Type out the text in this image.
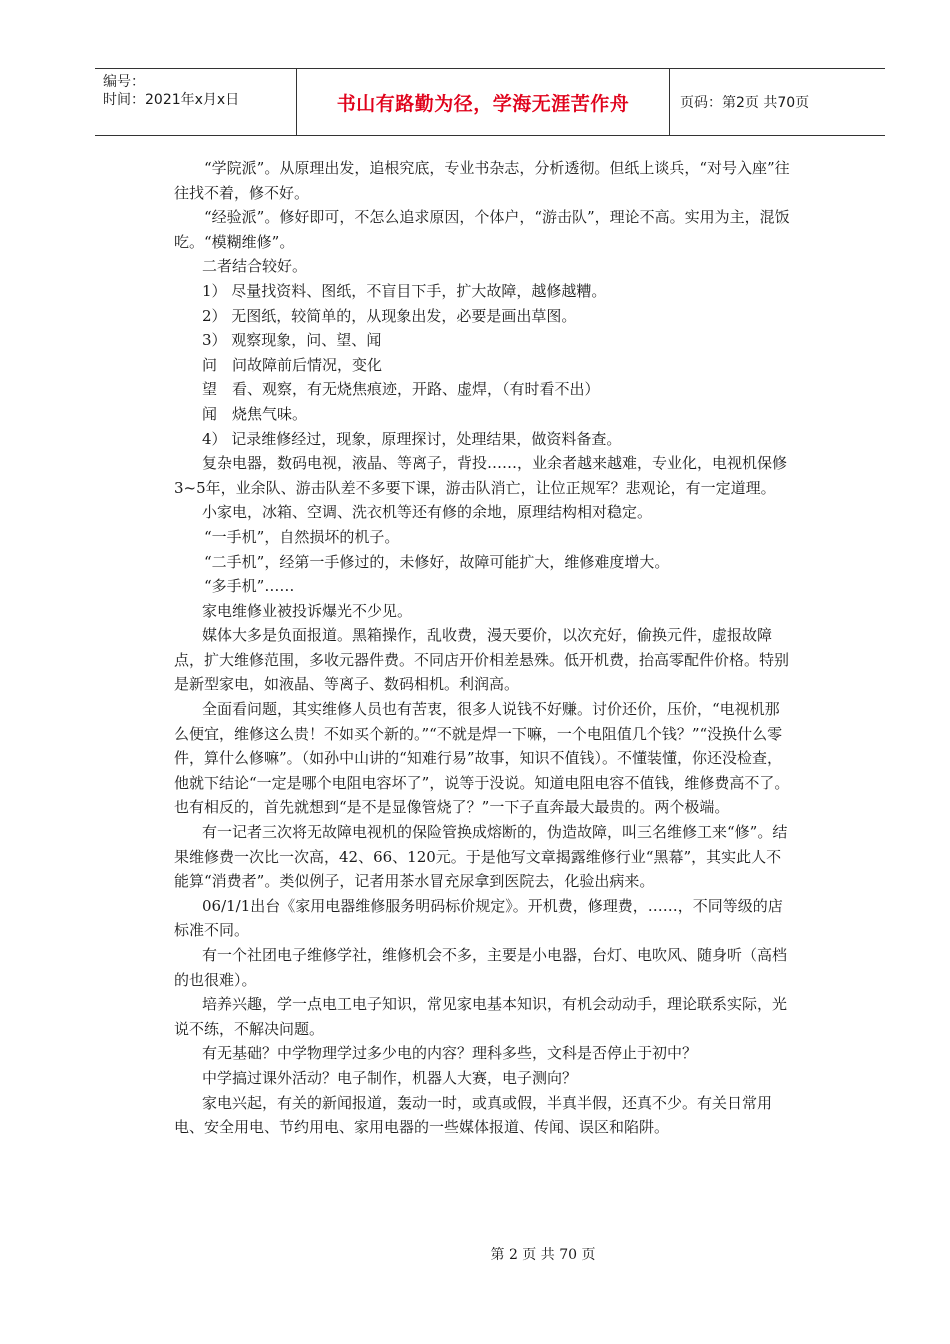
编号：
时间：2021年x月x日	书山有路勤为径，学海无涯苦作舟	页码：第2页 共70页

“学院派”。从原理出发，追根究底，专业书杂志，分析透彻。但纸上谈兵，“对号入座”往往找不着，修不好。

“经验派”。修好即可，不怎么追求原因，个体户，“游击队”，理论不高。实用为主，混饭吃。“模糊维修”。

二者结合较好。

1） 尽量找资料、图纸，不盲目下手，扩大故障，越修越糟。

2） 无图纸，较简单的，从现象出发，必要是画出草图。

3） 观察现象，问、望、闻

问　问故障前后情况，变化

望　看、观察，有无烧焦痕迹，开路、虚焊，（有时看不出）

闻　烧焦气味。

4） 记录维修经过，现象，原理探讨，处理结果，做资料备查。

复杂电器，数码电视，液晶、等离子，背投……，业余者越来越难，专业化，电视机保修3~5年，业余队、游击队差不多要下课，游击队消亡，让位正规军？悲观论，有一定道理。

小家电，冰箱、空调、洗衣机等还有修的余地，原理结构相对稳定。

“一手机”，自然损坏的机子。

“二手机”，经第一手修过的，未修好，故障可能扩大，维修难度增大。

“多手机”……

家电维修业被投诉爆光不少见。

媒体大多是负面报道。黑箱操作，乱收费，漫天要价，以次充好，偷换元件，虚报故障点，扩大维修范围，多收元器件费。不同店开价相差悬殊。低开机费，抬高零配件价格。特别是新型家电，如液晶、等离子、数码相机。利润高。

全面看问题，其实维修人员也有苦衷，很多人说钱不好赚。讨价还价，压价，“电视机那么便宜，维修这么贵！不如买个新的。”“不就是焊一下嘛，一个电阻值几个钱？”“没换什么零件，算什么修嘛”。（如孙中山讲的“知难行易”故事，知识不值钱）。不懂装懂，你还没检查，他就下结论“一定是哪个电阻电容坏了”，说等于没说。知道电阻电容不值钱，维修费高不了。也有相反的，首先就想到“是不是显像管烧了？”一下子直奔最大最贵的。两个极端。

有一记者三次将无故障电视机的保险管换成熔断的，伪造故障，叫三名维修工来“修”。结果维修费一次比一次高，42、66、120元。于是他写文章揭露维修行业“黑幕”，其实此人不能算“消费者”。类似例子，记者用茶水冒充尿拿到医院去，化验出病来。

06/1/1出台《家用电器维修服务明码标价规定》。开机费，修理费，……，不同等级的店标准不同。

有一个社团电子维修学社，维修机会不多，主要是小电器，台灯、电吹风、随身听（高档的也很难）。

培养兴趣，学一点电工电子知识，常见家电基本知识，有机会动动手，理论联系实际，光说不练，不解决问题。

有无基础？中学物理学过多少电的内容？理科多些，文科是否停止于初中？

中学搞过课外活动？电子制作，机器人大赛，电子测向？

家电兴起，有关的新闻报道，轰动一时，或真或假，半真半假，还真不少。有关日常用电、安全用电、节约用电、家用电器的一些媒体报道、传闻、误区和陷阱。

第 2 页 共 70 页
